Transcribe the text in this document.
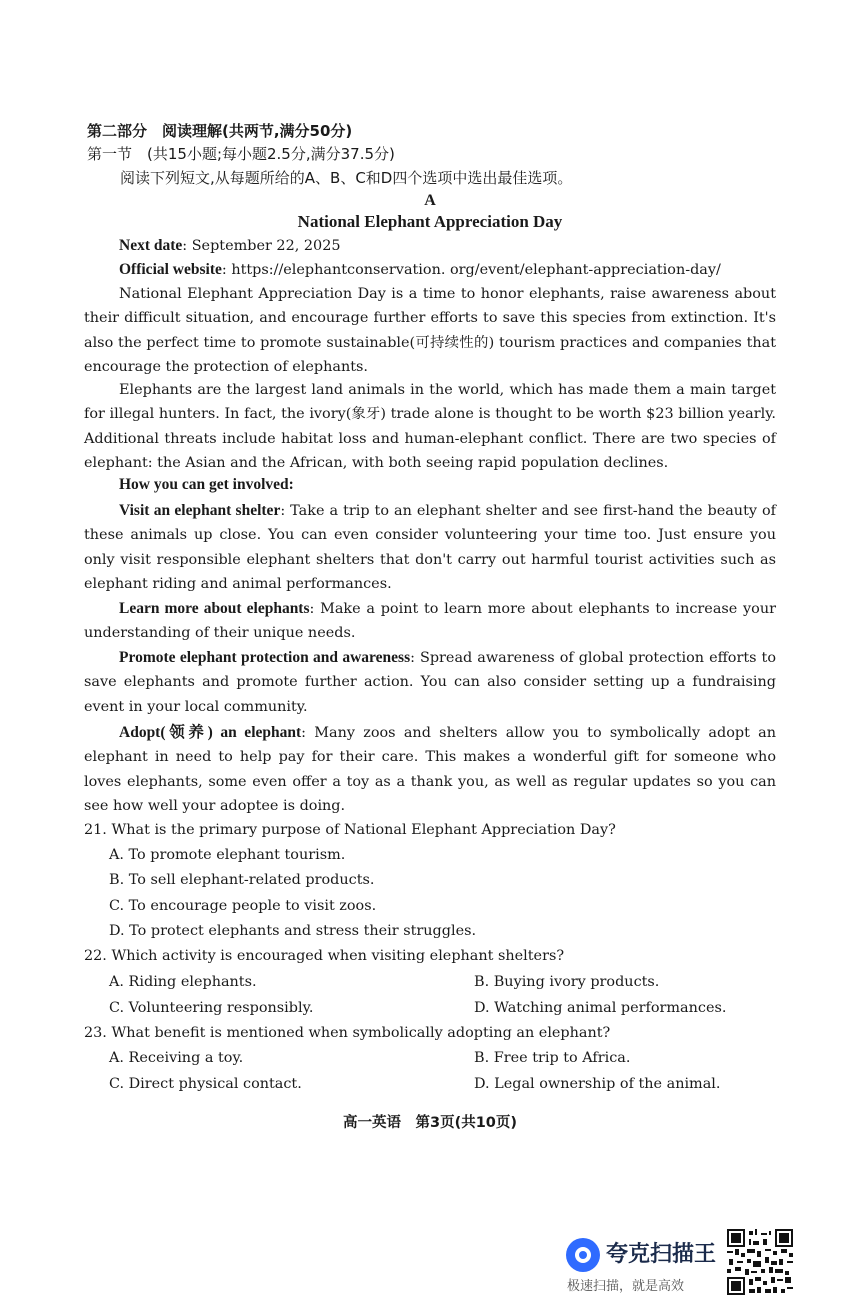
第二部分　阅读理解(共两节,满分50分)
第一节　(共15小题;每小题2.5分,满分37.5分)
阅读下列短文,从每题所给的A、B、C和D四个选项中选出最佳选项。
A
National Elephant Appreciation Day
Next date: September 22, 2025
Official website: https://elephantconservation. org/event/elephant-appreciation-day/
National Elephant Appreciation Day is a time to honor elephants, raise awareness about their difficult situation, and encourage further efforts to save this species from extinction. It's also the perfect time to promote sustainable(可持续性的) tourism practices and companies that encourage the protection of elephants.
Elephants are the largest land animals in the world, which has made them a main target for illegal hunters. In fact, the ivory(象牙) trade alone is thought to be worth $23 billion yearly. Additional threats include habitat loss and human-elephant conflict. There are two species of elephant: the Asian and the African, with both seeing rapid population declines.
How you can get involved:
Visit an elephant shelter: Take a trip to an elephant shelter and see first-hand the beauty of these animals up close. You can even consider volunteering your time too. Just ensure you only visit responsible elephant shelters that don't carry out harmful tourist activities such as elephant riding and animal performances.
Learn more about elephants: Make a point to learn more about elephants to increase your understanding of their unique needs.
Promote elephant protection and awareness: Spread awareness of global protection efforts to save elephants and promote further action. You can also consider setting up a fundraising event in your local community.
Adopt(领养) an elephant: Many zoos and shelters allow you to symbolically adopt an elephant in need to help pay for their care. This makes a wonderful gift for someone who loves elephants, some even offer a toy as a thank you, as well as regular updates so you can see how well your adoptee is doing.
21. What is the primary purpose of National Elephant Appreciation Day?
A. To promote elephant tourism.
B. To sell elephant-related products.
C. To encourage people to visit zoos.
D. To protect elephants and stress their struggles.
22. Which activity is encouraged when visiting elephant shelters?
A. Riding elephants.	B. Buying ivory products.
C. Volunteering responsibly.	D. Watching animal performances.
23. What benefit is mentioned when symbolically adopting an elephant?
A. Receiving a toy.	B. Free trip to Africa.
C. Direct physical contact.	D. Legal ownership of the animal.
高一英语　第3页(共10页)
夸克扫描王
极速扫描，就是高效
